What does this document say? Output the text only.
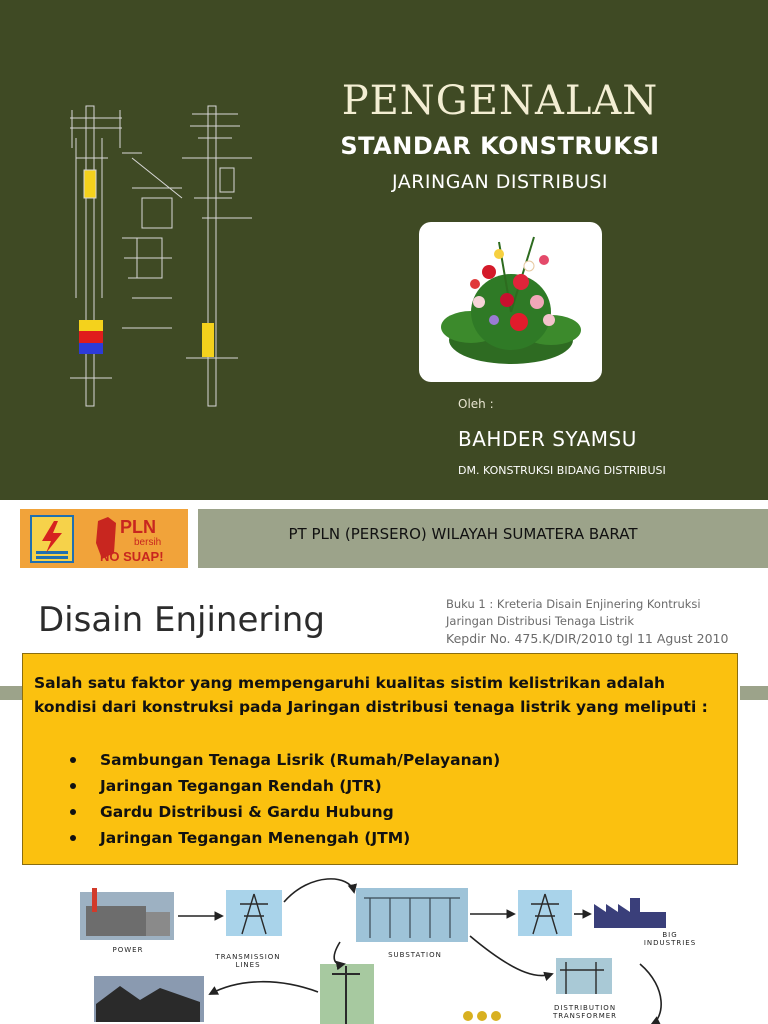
PENGENALAN
STANDAR KONSTRUKSI
JARINGAN DISTRIBUSI
Oleh :
BAHDER SYAMSU
DM. KONSTRUKSI BIDANG DISTRIBUSI
PLN
bersih
NO SUAP!
PT PLN (PERSERO) WILAYAH SUMATERA BARAT
Disain Enjinering	Buku 1 : Kreteria Disain Enjinering Kontruksi
Jaringan Distribusi Tenaga Listrik
Kepdir No. 475.K/DIR/2010 tgl 11 Agust 2010
Salah satu faktor yang mempengaruhi kualitas sistim kelistrikan adalah kondisi dari konstruksi pada Jaringan distribusi tenaga listrik yang meliputi :
Sambungan Tenaga Lisrik (Rumah/Pelayanan)
Jaringan Tegangan Rendah (JTR)
Gardu Distribusi & Gardu Hubung
Jaringan Tegangan Menengah (JTM)
POWER
TRANSMISSION
LINES
SUBSTATION
BIG
INDUSTRIES
DISTRIBUTION
TRANSFORMER
